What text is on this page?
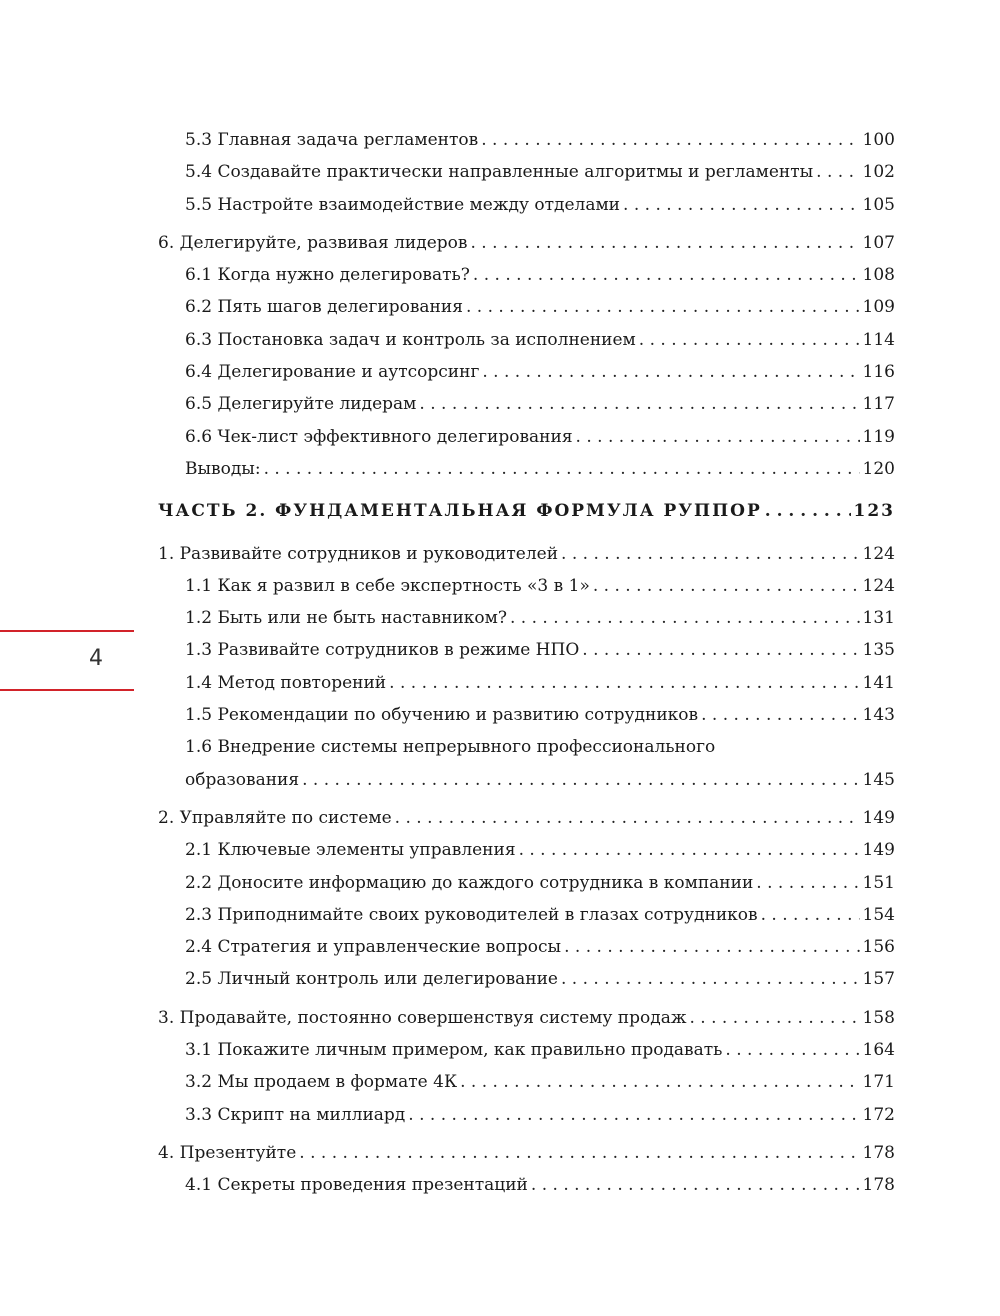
5.3 Главная задача регламентов . . .	100
5.4 Создавайте практически направленные алгоритмы и регламенты . . .	102
5.5 Настройте взаимодействие между отделами . . .	105
6. Делегируйте, развивая лидеров . . .	107
6.1 Когда нужно делегировать? . . .	108
6.2 Пять шагов делегирования . . .	109
6.3 Постановка задач и контроль за исполнением . . .	114
6.4 Делегирование и аутсорсинг . . .	116
6.5 Делегируйте лидерам . . .	117
6.6 Чек-лист эффективного делегирования . . .	119
Выводы: . . .	120
ЧАСТЬ 2. ФУНДАМЕНТАЛЬНАЯ ФОРМУЛА РУППОР . . .	123
1. Развивайте сотрудников и руководителей . . .	124
1.1 Как я развил в себе экспертность «3 в 1» . . .	124
1.2 Быть или не быть наставником? . . .	131
1.3 Развивайте сотрудников в режиме НПО . . .	135
1.4 Метод повторений . . .	141
1.5 Рекомендации по обучению и развитию сотрудников . . .	143
1.6 Внедрение системы непрерывного профессионального
образования . . .	145
2. Управляйте по системе . . .	149
2.1 Ключевые элементы управления . . .	149
2.2 Доносите информацию до каждого сотрудника в компании . . .	151
2.3 Приподнимайте своих руководителей в глазах сотрудников . . .	154
2.4 Стратегия и управленческие вопросы . . .	156
2.5 Личный контроль или делегирование . . .	157
3. Продавайте, постоянно совершенствуя систему продаж . . .	158
3.1 Покажите личным примером, как правильно продавать . . .	164
3.2 Мы продаем в формате 4К . . .	171
3.3 Скрипт на миллиард . . .	172
4. Презентуйте . . .	178
4.1 Секреты проведения презентаций . . .	178
4
